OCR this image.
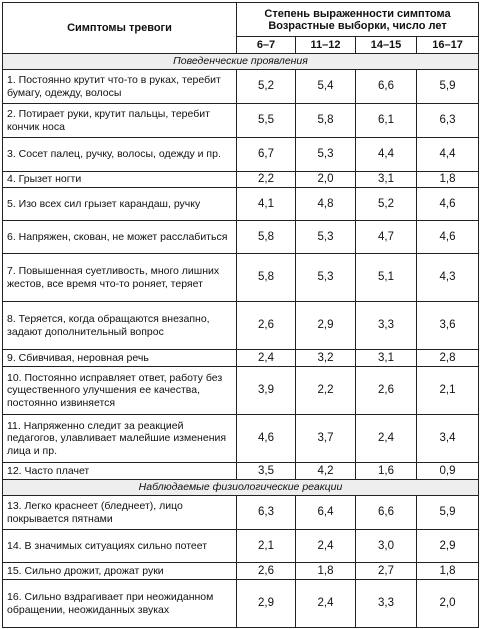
Симптомы тревоги	Степень выраженности симптома
Возрастные выборки, число лет			

	6–7	11–12	14–15	16–17
Поведенческие проявления				
1. Постоянно крутит что-то в руках, теребит бумагу, одежду, волосы	5,2	5,4	6,6	5,9
2. Потирает руки, крутит пальцы, теребит кончик носа	5,5	5,8	6,1	6,3
3. Сосет палец, ручку, волосы, одежду и пр.	6,7	5,3	4,4	4,4
4. Грызет ногти	2,2	2,0	3,1	1,8
5. Изо всех сил грызет карандаш, ручку	4,1	4,8	5,2	4,6
6. Напряжен, скован, не может расслабиться	5,8	5,3	4,7	4,6
7. Повышенная суетливость, много лишних жестов, все время что-то роняет, теряет	5,8	5,3	5,1	4,3
8. Теряется, когда обращаются внезапно, задают дополнительный вопрос	2,6	2,9	3,3	3,6
9. Сбивчивая, неровная речь	2,4	3,2	3,1	2,8
10. Постоянно исправляет ответ, работу без существенного улучшения ее качества, постоянно извиняется	3,9	2,2	2,6	2,1
11. Напряженно следит за реакцией педагогов, улавливает малейшие изменения лица и пр.	4,6	3,7	2,4	3,4
12. Часто плачет	3,5	4,2	1,6	0,9
Наблюдаемые физиологические реакции				
13. Легко краснеет (бледнеет), лицо покрывается пятнами	6,3	6,4	6,6	5,9
14. В значимых ситуациях сильно потеет	2,1	2,4	3,0	2,9
15. Сильно дрожит, дрожат руки	2,6	1,8	2,7	1,8
16. Сильно вздрагивает при неожиданном обращении, неожиданных звуках	2,9	2,4	3,3	2,0
